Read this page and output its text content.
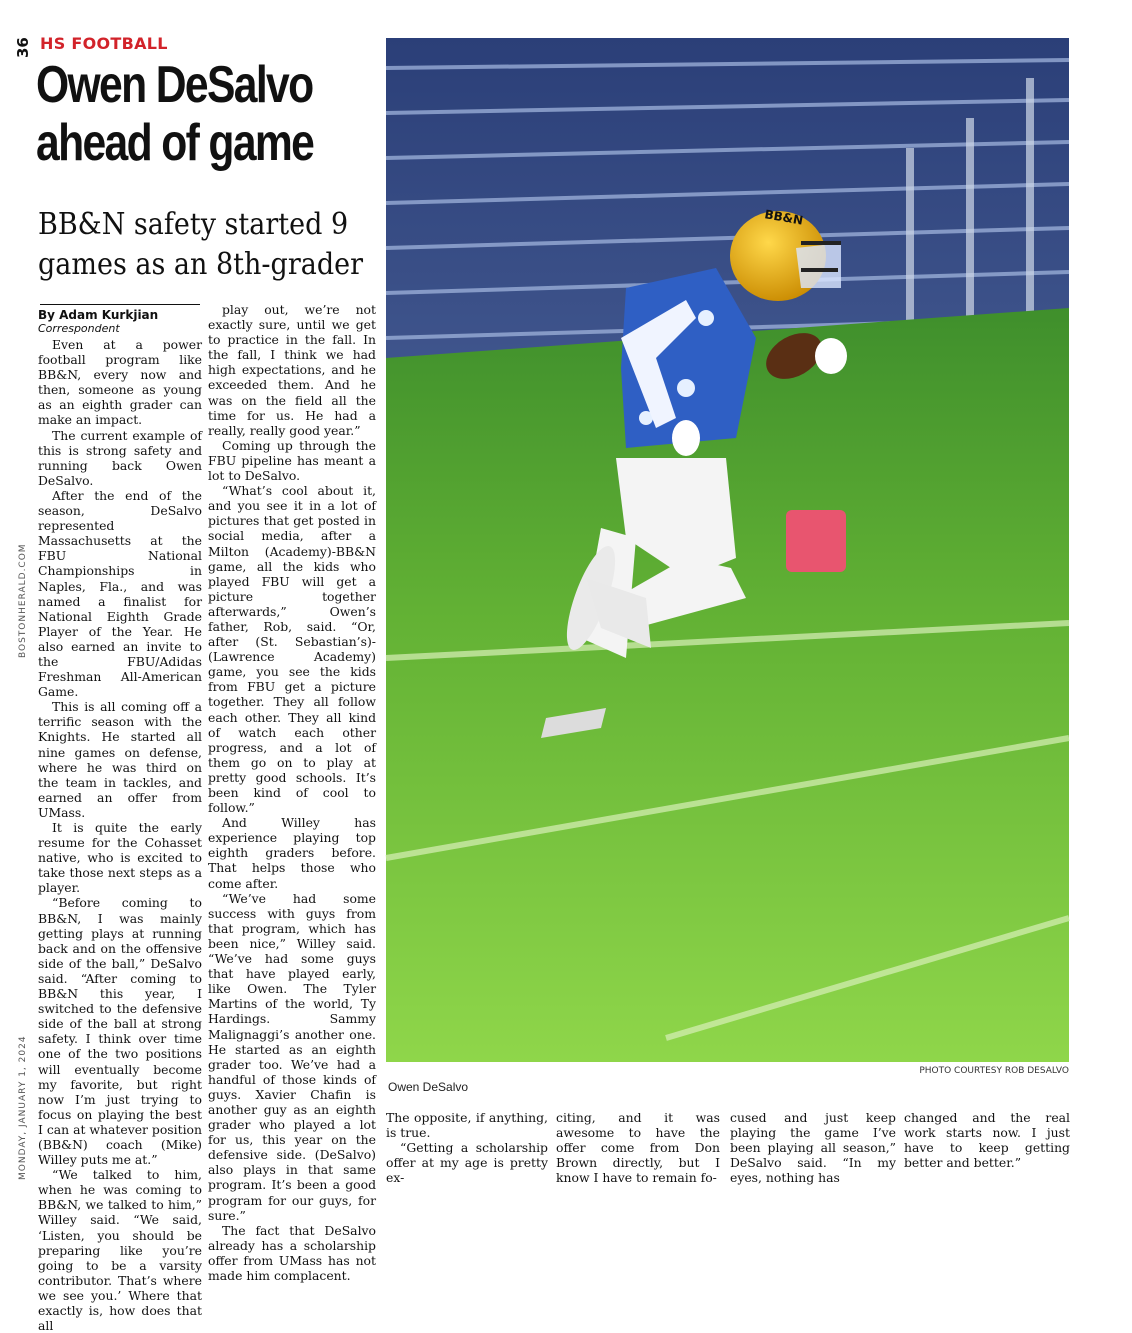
36 HS FOOTBALL
Owen DeSalvo
ahead of game
BB&N safety started 9
games as an 8th-grader
BOSTONHERALD.COM
MONDAY, JANUARY 1, 2024
By Adam Kurkjian
Correspondent

Even at a power football program like BB&N, every now and then, someone as young as an eighth grader can make an impact.

The current example of this is strong safety and running back Owen DeSalvo.

After the end of the season, DeSalvo represented Massachusetts at the FBU National Championships in Naples, Fla., and was named a finalist for National Eighth Grade Player of the Year. He also earned an invite to the FBU/Adidas Freshman All-American Game.

This is all coming off a terrific season with the Knights. He started all nine games on defense, where he was third on the team in tackles, and earned an offer from UMass.

It is quite the early resume for the Cohasset native, who is excited to take those next steps as a player.

“Before coming to BB&N, I was mainly getting plays at running back and on the offensive side of the ball,” DeSalvo said. “After coming to BB&N this year, I switched to the defensive side of the ball at strong safety. I think over time one of the two positions will eventually become my favorite, but right now I’m just trying to focus on playing the best I can at whatever position (BB&N) coach (Mike) Willey puts me at.”

“We talked to him, when he was coming to BB&N, we talked to him,” Willey said. “We said, ‘Listen, you should be preparing like you’re going to be a varsity contributor. That’s where we see you.’ Where that exactly is, how does that all

play out, we’re not exactly sure, until we get to practice in the fall. In the fall, I think we had high expectations, and he exceeded them. And he was on the field all the time for us. He had a really, really good year.”

Coming up through the FBU pipeline has meant a lot to DeSalvo.

“What’s cool about it, and you see it in a lot of pictures that get posted in social media, after a Milton (Academy)-BB&N game, all the kids who played FBU will get a picture together afterwards,” Owen’s father, Rob, said. “Or, after (St. Sebastian’s)-(Lawrence Academy) game, you see the kids from FBU get a picture together. They all follow each other. They all kind of watch each other progress, and a lot of them go on to play at pretty good schools. It’s been kind of cool to follow.”

And Willey has experience playing top eighth graders before. That helps those who come after.

“We’ve had some success with guys from that program, which has been nice,” Willey said. “We’ve had some guys that have played early, like Owen. The Tyler Martins of the world, Ty Hardings. Sammy Malignaggi’s another one. He started as an eighth grader too. We’ve had a handful of those kinds of guys. Xavier Chafin is another guy as an eighth grader who played a lot for us, this year on the defensive side. (DeSalvo) also plays in that same program. It’s been a good program for our guys, for sure.”

The fact that DeSalvo already has a scholarship offer from UMass has not made him complacent.

The opposite, if anything, is true.

“Getting a scholarship offer at my age is pretty ex-

citing, and it was awesome to have the offer come from Don Brown directly, but I know I have to remain fo-

cused and just keep playing the game I’ve been playing all season,” DeSalvo said. “In my eyes, nothing has

changed and the real work starts now. I just have to keep getting better and better.”

BB&N
PHOTO COURTESY ROB DESALVO
Owen DeSalvo
